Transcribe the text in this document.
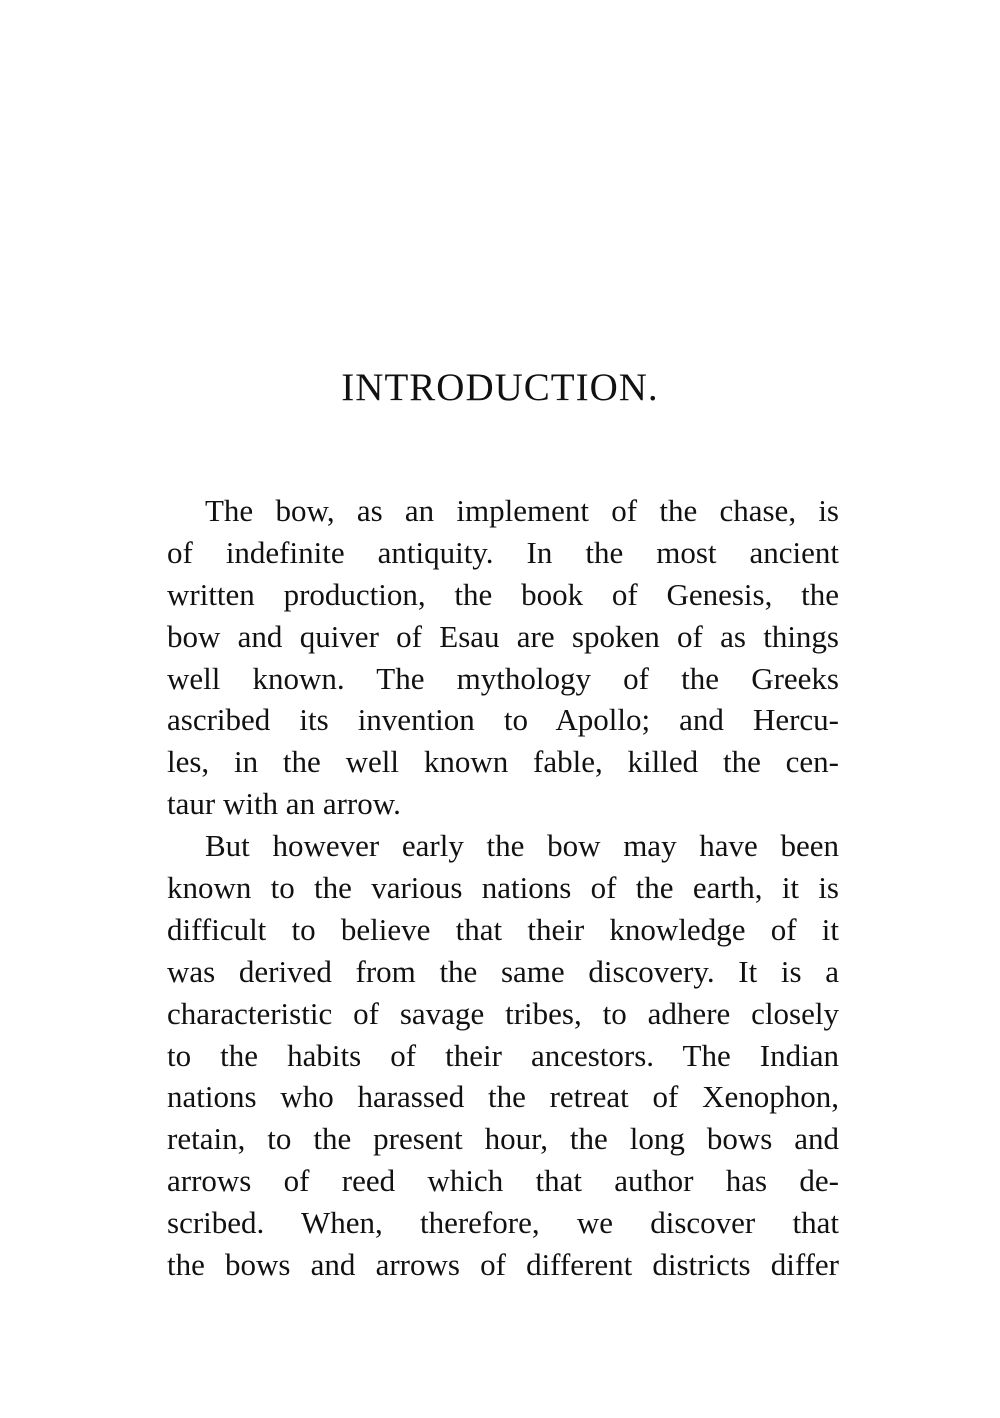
INTRODUCTION.
The bow, as an implement of the chase, is
of indefinite antiquity. In the most ancient
written production, the book of Genesis, the
bow and quiver of Esau are spoken of as things
well known. The mythology of the Greeks
ascribed its invention to Apollo; and Hercu-
les, in the well known fable, killed the cen-
taur with an arrow.
But however early the bow may have been
known to the various nations of the earth, it is
difficult to believe that their knowledge of it
was derived from the same discovery. It is a
characteristic of savage tribes, to adhere closely
to the habits of their ancestors. The Indian
nations who harassed the retreat of Xenophon,
retain, to the present hour, the long bows and
arrows of reed which that author has de-
scribed. When, therefore, we discover that
the bows and arrows of different districts differ
